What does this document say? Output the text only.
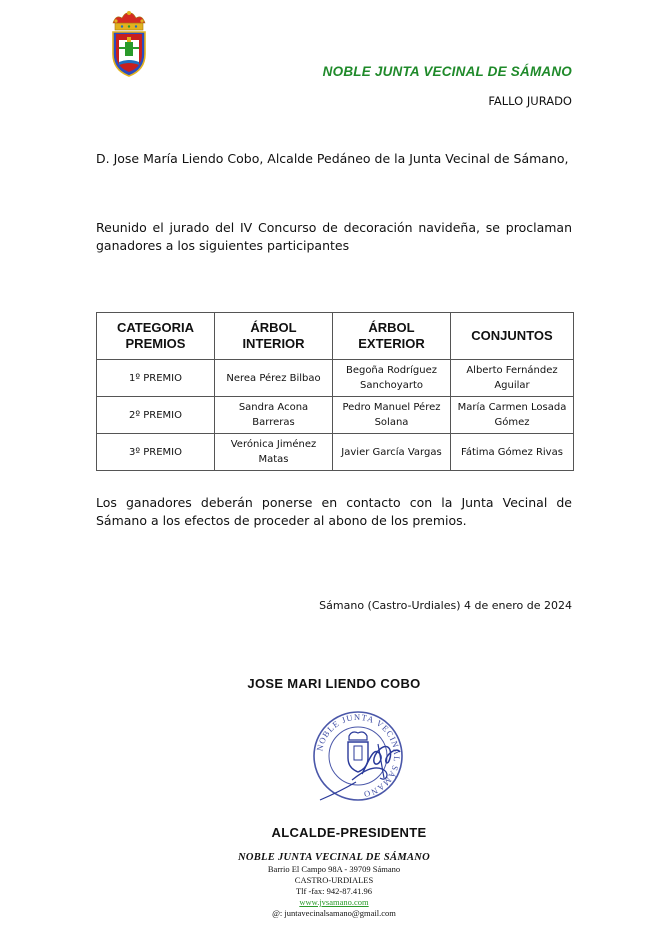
NOBLE JUNTA VECINAL DE SÁMANO
FALLO JURADO
D. Jose María Liendo Cobo, Alcalde Pedáneo de la Junta Vecinal de Sámano,
Reunido el jurado del IV Concurso de decoración navideña, se proclaman ganadores a los siguientes participantes
CATEGORIA PREMIOS	ÁRBOL INTERIOR	ÁRBOL EXTERIOR	CONJUNTOS
1º PREMIO	Nerea Pérez Bilbao	Begoña Rodríguez Sanchoyarto	Alberto Fernández Aguilar
2º PREMIO	Sandra Acona Barreras	Pedro Manuel Pérez Solana	María Carmen Losada Gómez
3º PREMIO	Verónica Jiménez Matas	Javier García Vargas	Fátima Gómez Rivas
Los ganadores deberán ponerse en contacto con la Junta Vecinal de Sámano a los efectos de proceder al abono de los premios.
Sámano (Castro-Urdiales) 4 de enero de 2024
JOSE MARI LIENDO COBO
NOBLE JUNTA VECINAL SÁMANO
ALCALDE-PRESIDENTE
NOBLE JUNTA VECINAL DE SÁMANO
Barrio El Campo 98A - 39709 Sámano
CASTRO-URDIALES
Tlf -fax: 942-87.41.96
www.jvsamano.com
@: juntavecinalsamano@gmail.com
